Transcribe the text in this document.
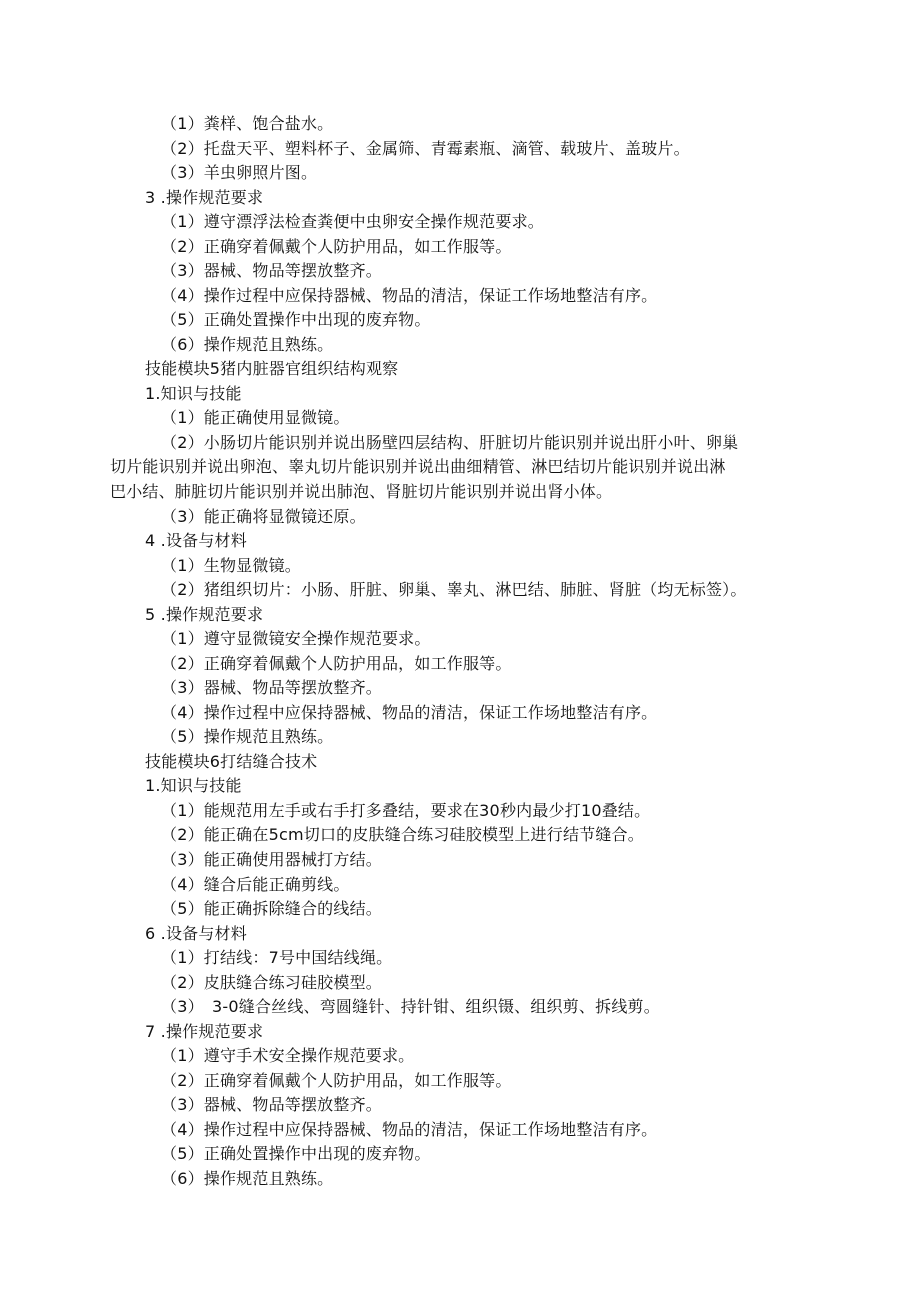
（1）粪样、饱合盐水。
（2）托盘天平、塑料杯子、金属筛、青霉素瓶、滴管、载玻片、盖玻片。
（3）羊虫卵照片图。
3 .操作规范要求
（1）遵守漂浮法检查粪便中虫卵安全操作规范要求。
（2）正确穿着佩戴个人防护用品，如工作服等。
（3）器械、物品等摆放整齐。
（4）操作过程中应保持器械、物品的清洁，保证工作场地整洁有序。
（5）正确处置操作中出现的废弃物。
（6）操作规范且熟练。
技能模块5猪内脏器官组织结构观察
1.知识与技能
（1）能正确使用显微镜。
（2）小肠切片能识别并说出肠壁四层结构、肝脏切片能识别并说出肝小叶、卵巢
切片能识别并说出卵泡、睾丸切片能识别并说出曲细精管、淋巴结切片能识别并说出淋
巴小结、肺脏切片能识别并说出肺泡、肾脏切片能识别并说出肾小体。
（3）能正确将显微镜还原。
4 .设备与材料
（1）生物显微镜。
（2）猪组织切片：小肠、肝脏、卵巢、睾丸、淋巴结、肺脏、肾脏（均无标签）。
5 .操作规范要求
（1）遵守显微镜安全操作规范要求。
（2）正确穿着佩戴个人防护用品，如工作服等。
（3）器械、物品等摆放整齐。
（4）操作过程中应保持器械、物品的清洁，保证工作场地整洁有序。
（5）操作规范且熟练。
技能模块6打结缝合技术
1.知识与技能
（1）能规范用左手或右手打多叠结，要求在30秒内最少打10叠结。
（2）能正确在5cm切口的皮肤缝合练习硅胶模型上进行结节缝合。
（3）能正确使用器械打方结。
（4）缝合后能正确剪线。
（5）能正确拆除缝合的线结。
6 .设备与材料
（1）打结线：7号中国结线绳。
（2）皮肤缝合练习硅胶模型。
（3）　3-0缝合丝线、弯圆缝针、持针钳、组织镊、组织剪、拆线剪。
7 .操作规范要求
（1）遵守手术安全操作规范要求。
（2）正确穿着佩戴个人防护用品，如工作服等。
（3）器械、物品等摆放整齐。
（4）操作过程中应保持器械、物品的清洁，保证工作场地整洁有序。
（5）正确处置操作中出现的废弃物。
（6）操作规范且熟练。
